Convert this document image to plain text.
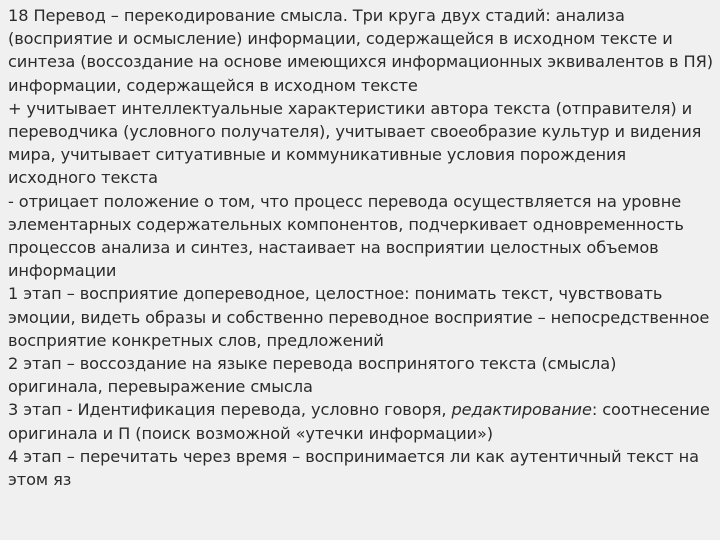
18 Перевод – перекодирование смысла. Три круга двух стадий: анализа (восприятие и осмысление) информации, содержащейся в исходном тексте и синтеза (воссоздание на основе имеющихся информационных эквивалентов в ПЯ) информации, содержащейся в исходном тексте

+ учитывает интеллектуальные характеристики автора текста (отправителя) и переводчика (условного получателя), учитывает своеобразие культур и видения мира, учитывает ситуативные и коммуникативные условия порождения исходного текста

- отрицает положение о том, что процесс перевода осуществляется на уровне элементарных содержательных компонентов, подчеркивает одновременность процессов анализа и синтез, настаивает на восприятии целостных объемов информации

1 этап – восприятие допереводное, целостное: понимать текст, чувствовать эмоции, видеть образы и собственно переводное восприятие – непосредственное восприятие конкретных слов, предложений

2 этап – воссоздание на языке перевода воспринятого текста (смысла) оригинала, перевыражение смысла

3 этап - Идентификация перевода, условно говоря, редактирование: соотнесение оригинала и П (поиск возможной «утечки информации»)

4 этап – перечитать через время – воспринимается ли как аутентичный текст на этом яз
